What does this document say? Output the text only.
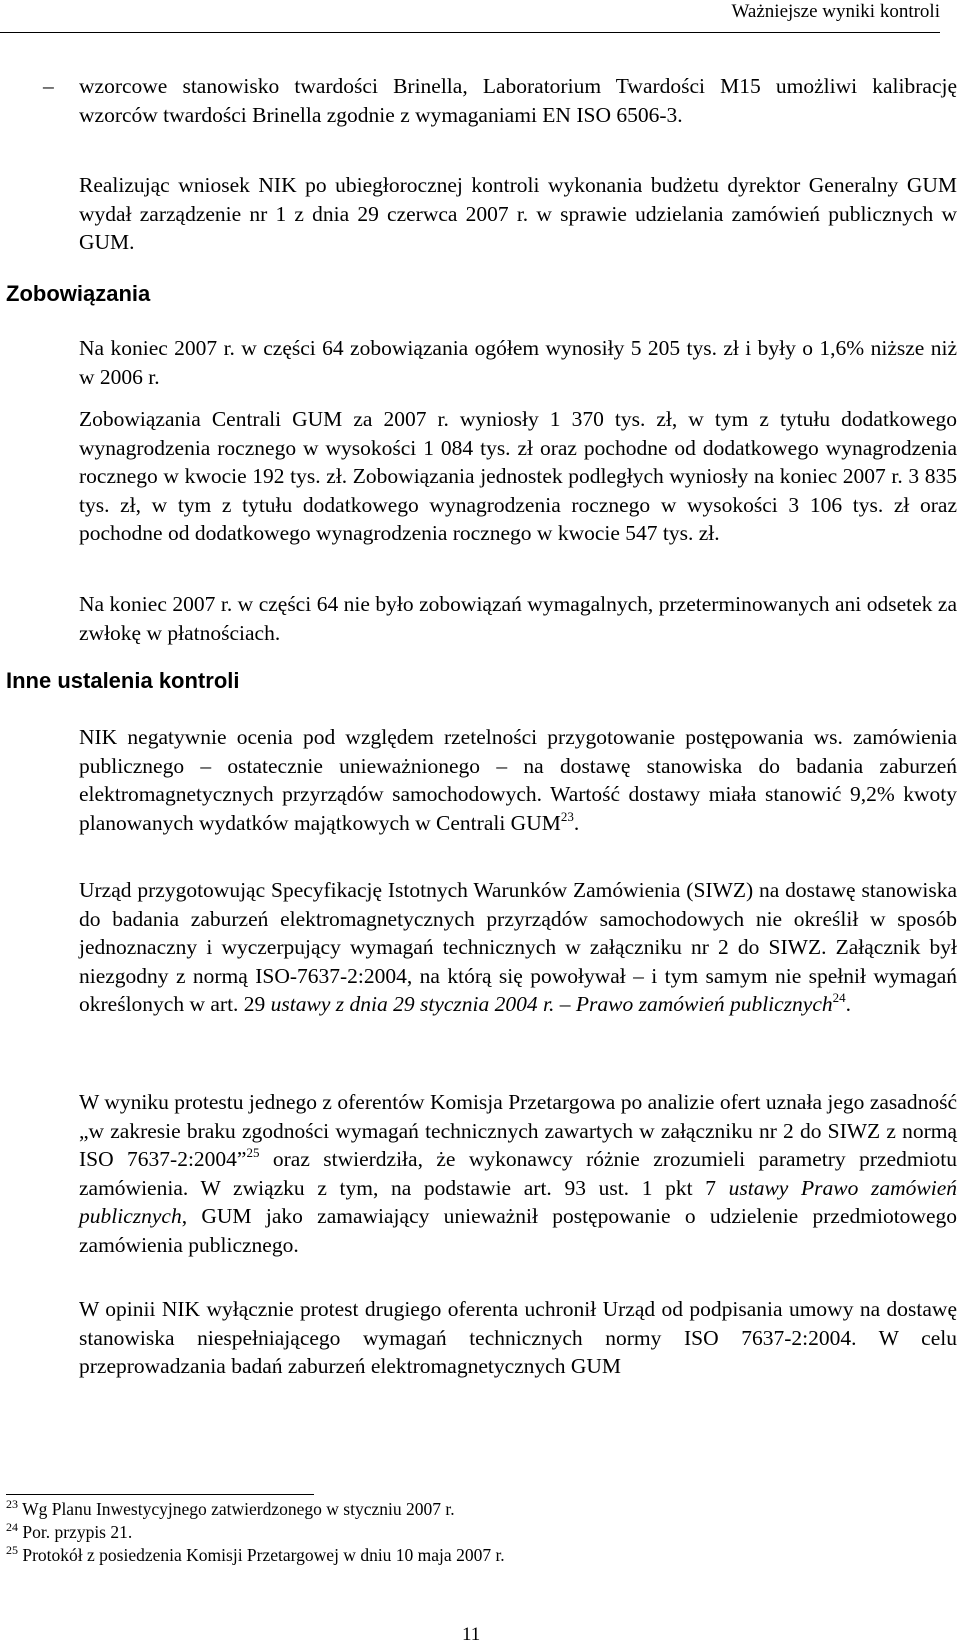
Ważniejsze wyniki kontroli
– wzorcowe stanowisko twardości Brinella, Laboratorium Twardości M15 umożliwi kalibrację wzorców twardości Brinella zgodnie z wymaganiami EN ISO 6506-3.

Realizując wniosek NIK po ubiegłorocznej kontroli wykonania budżetu dyrektor Generalny GUM wydał zarządzenie nr 1 z dnia 29 czerwca 2007 r. w sprawie udzielania zamówień publicznych w GUM.

Zobowiązania

Na koniec 2007 r. w części 64 zobowiązania ogółem wynosiły 5 205 tys. zł i były o 1,6% niższe niż w 2006 r.

Zobowiązania Centrali GUM za 2007 r. wyniosły 1 370 tys. zł, w tym z tytułu dodatkowego wynagrodzenia rocznego w wysokości 1 084 tys. zł oraz pochodne od dodatkowego wynagrodzenia rocznego w kwocie 192 tys. zł. Zobowiązania jednostek podległych wyniosły na koniec 2007 r. 3 835 tys. zł, w tym z tytułu dodatkowego wynagrodzenia rocznego w wysokości 3 106 tys. zł oraz pochodne od dodatkowego wynagrodzenia rocznego w kwocie 547 tys. zł.

Na koniec 2007 r. w części 64 nie było zobowiązań wymagalnych, przeterminowanych ani odsetek za zwłokę w płatnościach.

Inne ustalenia kontroli

NIK negatywnie ocenia pod względem rzetelności przygotowanie postępowania ws. zamówienia publicznego – ostatecznie unieważnionego – na dostawę stanowiska do badania zaburzeń elektromagnetycznych przyrządów samochodowych. Wartość dostawy miała stanowić 9,2% kwoty planowanych wydatków majątkowych w Centrali GUM$^{23}$.

Urząd przygotowując Specyfikację Istotnych Warunków Zamówienia (SIWZ) na dostawę stanowiska do badania zaburzeń elektromagnetycznych przyrządów samochodowych nie określił w sposób jednoznaczny i wyczerpujący wymagań technicznych w załączniku nr 2 do SIWZ. Załącznik był niezgodny z normą ISO-7637-2:2004, na którą się powoływał – i tym samym nie spełnił wymagań określonych w art. 29 ustawy z dnia 29 stycznia 2004 r. – Prawo zamówień publicznych$^{24}$.

W wyniku protestu jednego z oferentów Komisja Przetargowa po analizie ofert uznała jego zasadność „w zakresie braku zgodności wymagań technicznych zawartych w załączniku nr 2 do SIWZ z normą ISO 7637-2:2004”$^{25}$ oraz stwierdziła, że wykonawcy różnie zrozumieli parametry przedmiotu zamówienia. W związku z tym, na podstawie art. 93 ust. 1 pkt 7 ustawy Prawo zamówień publicznych, GUM jako zamawiający unieważnił postępowanie o udzielenie przedmiotowego zamówienia publicznego.

W opinii NIK wyłącznie protest drugiego oferenta uchronił Urząd od podpisania umowy na dostawę stanowiska niespełniającego wymagań technicznych normy ISO 7637-2:2004. W celu przeprowadzania badań zaburzeń elektromagnetycznych GUM

$^{23}$ Wg Planu Inwestycyjnego zatwierdzonego w styczniu 2007 r.
$^{24}$ Por. przypis 21.
$^{25}$ Protokół z posiedzenia Komisji Przetargowej w dniu 10 maja 2007 r.
11
